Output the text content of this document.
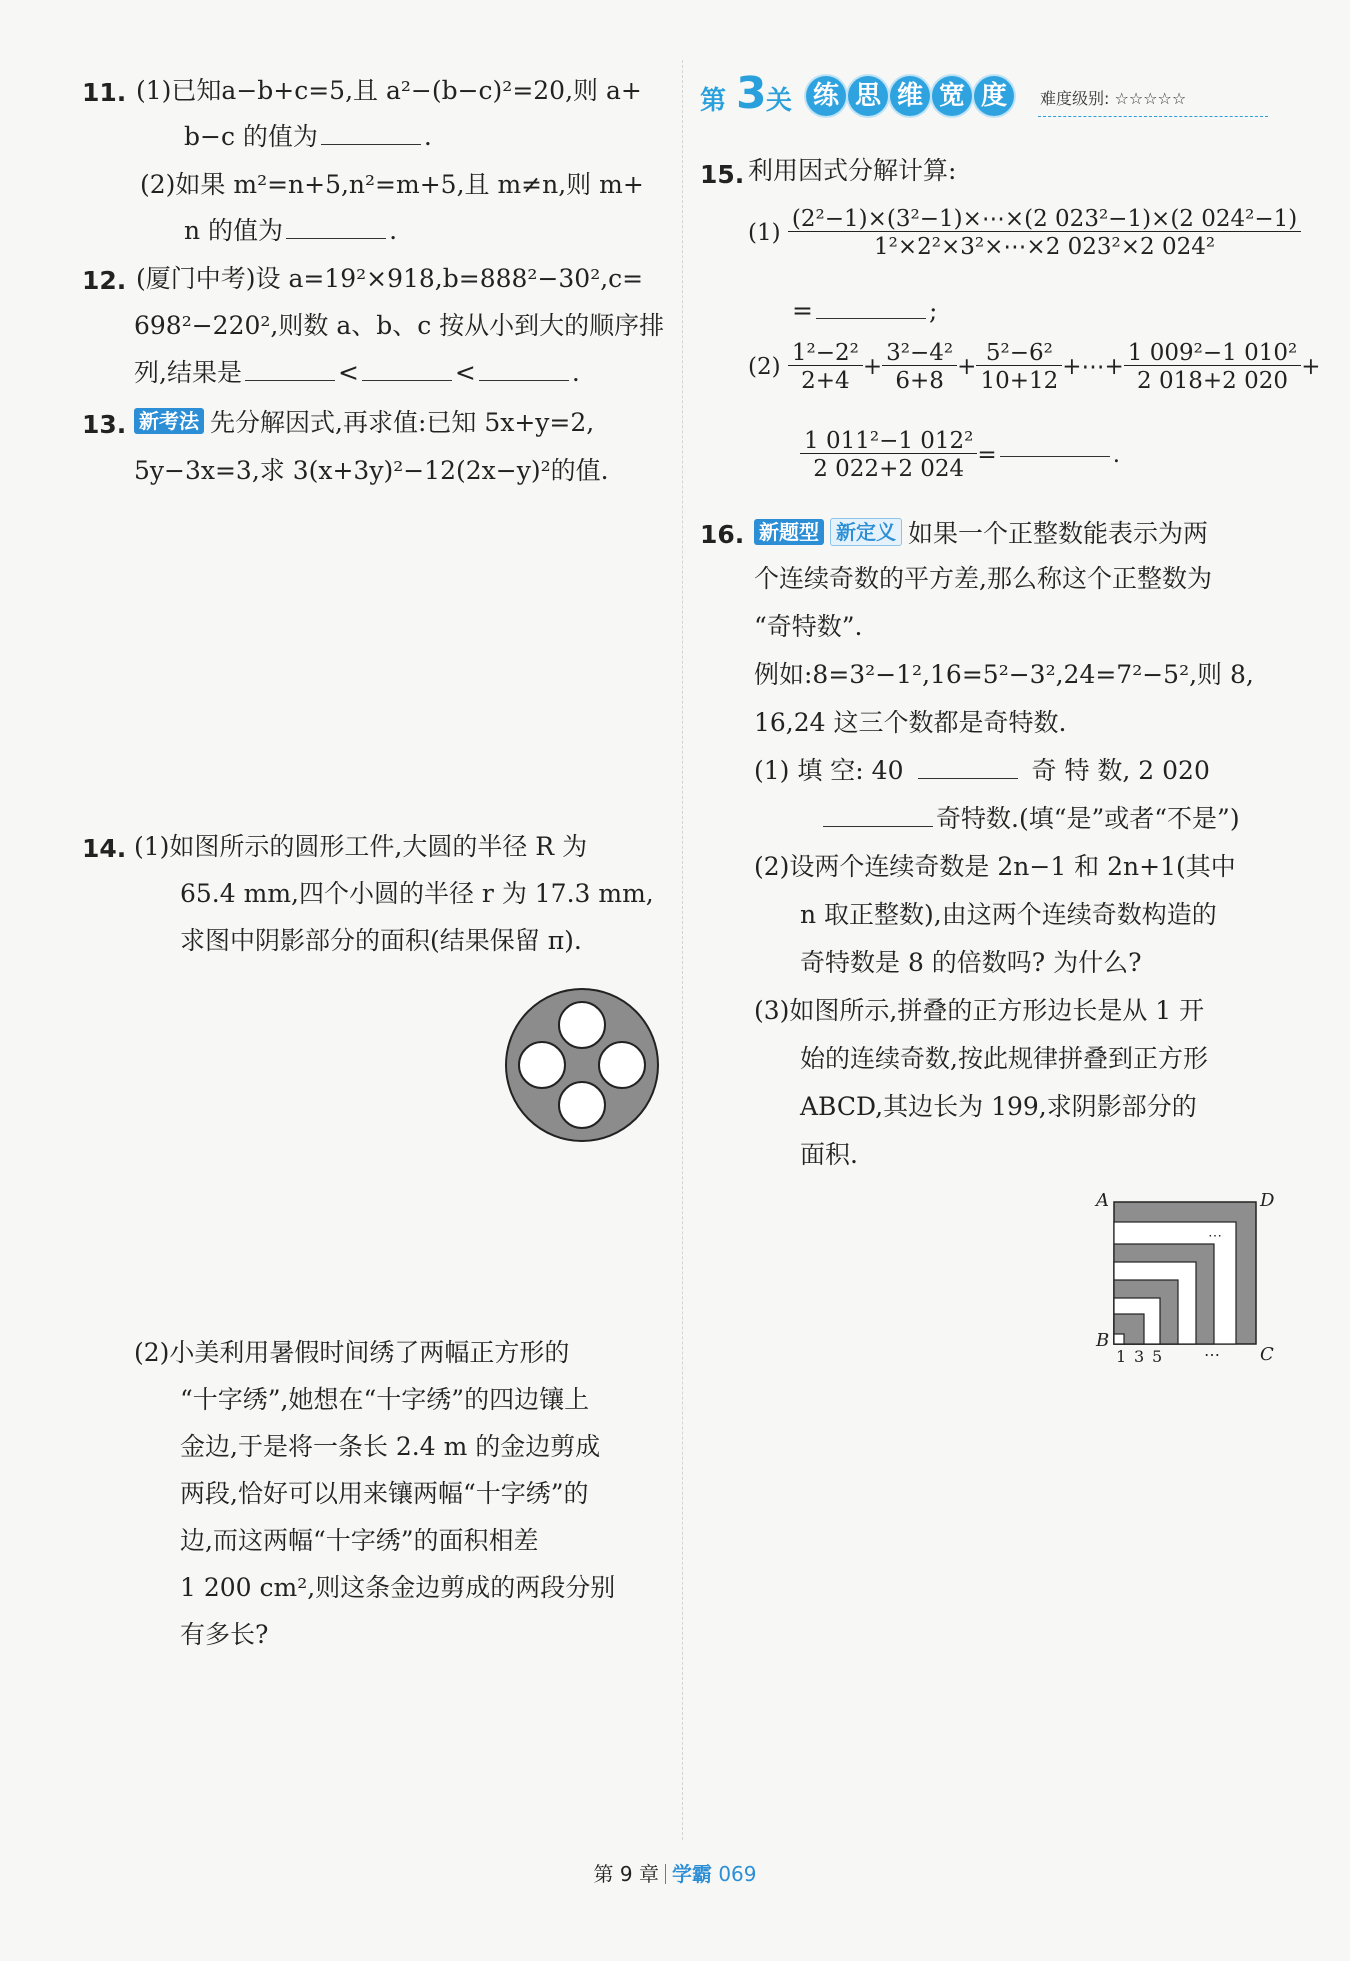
11. (1)已知a−b+c=5,且 a²−(b−c)²=20,则 a+
b−c 的值为	.
(2)如果 m²=n+5,n²=m+5,且 m≠n,则 m+
n 的值为	.
12. (厦门中考)设 a=19²×918,b=888²−30²,c=
698²−220²,则数 a、b、c 按从小到大的顺序排
列,结果是	<	<	.
13. 新考法 先分解因式,再求值:已知 5x+y=2,
5y−3x=3,求 3(x+3y)²−12(2x−y)²的值.
14. (1)如图所示的圆形工件,大圆的半径 R 为
65.4 mm,四个小圆的半径 r 为 17.3 mm,
求图中阴影部分的面积(结果保留 π).
(2)小美利用暑假时间绣了两幅正方形的
“十字绣”,她想在“十字绣”的四边镶上
金边,于是将一条长 2.4 m 的金边剪成
两段,恰好可以用来镶两幅“十字绣”的
边,而这两幅“十字绣”的面积相差
1 200 cm²,则这条金边剪成的两段分别
有多长?
第 3 关 练 思 维 宽 度	难度级别: ☆☆☆☆☆
15. 利用因式分解计算:
$(1) \frac{\text{(2²−1)×(3²−1)×⋯×(2 023²−1)×(2 024²−1)}}{\text{1²×2²×3²×⋯×2 023²×2 024²}}$
=	;
$(2) \frac{\text{1²−2²}}{2+4} + \frac{\text{3²−4²}}{6+8} + \frac{\text{5²−6²}}{10+12}$ +⋯+ $\frac{\text{1 009²−1 010²}}{2 018+2 020}$ +
$\frac{\text{1 011²−1 012²}}{2 022+2 024}$ =	.
16. 新题型 新定义 如果一个正整数能表示为两
个连续奇数的平方差,那么称这个正整数为
“奇特数”.
例如:8=3²−1²,16=5²−3²,24=7²−5²,则 8,
16,24 这三个数都是奇特数.
(1) 填 空: 40	奇 特 数, 2 020
奇特数.(填“是”或者“不是”)
(2)设两个连续奇数是 2n−1 和 2n+1(其中
n 取正整数),由这两个连续奇数构造的
奇特数是 8 的倍数吗? 为什么?
(3)如图所示,拼叠的正方形边长是从 1 开
始的连续奇数,按此规律拼叠到正方形
ABCD,其边长为 199,求阴影部分的
面积.
⋯
A	D
B
C
1 3 5	⋯
第 9 章 学霸 069
